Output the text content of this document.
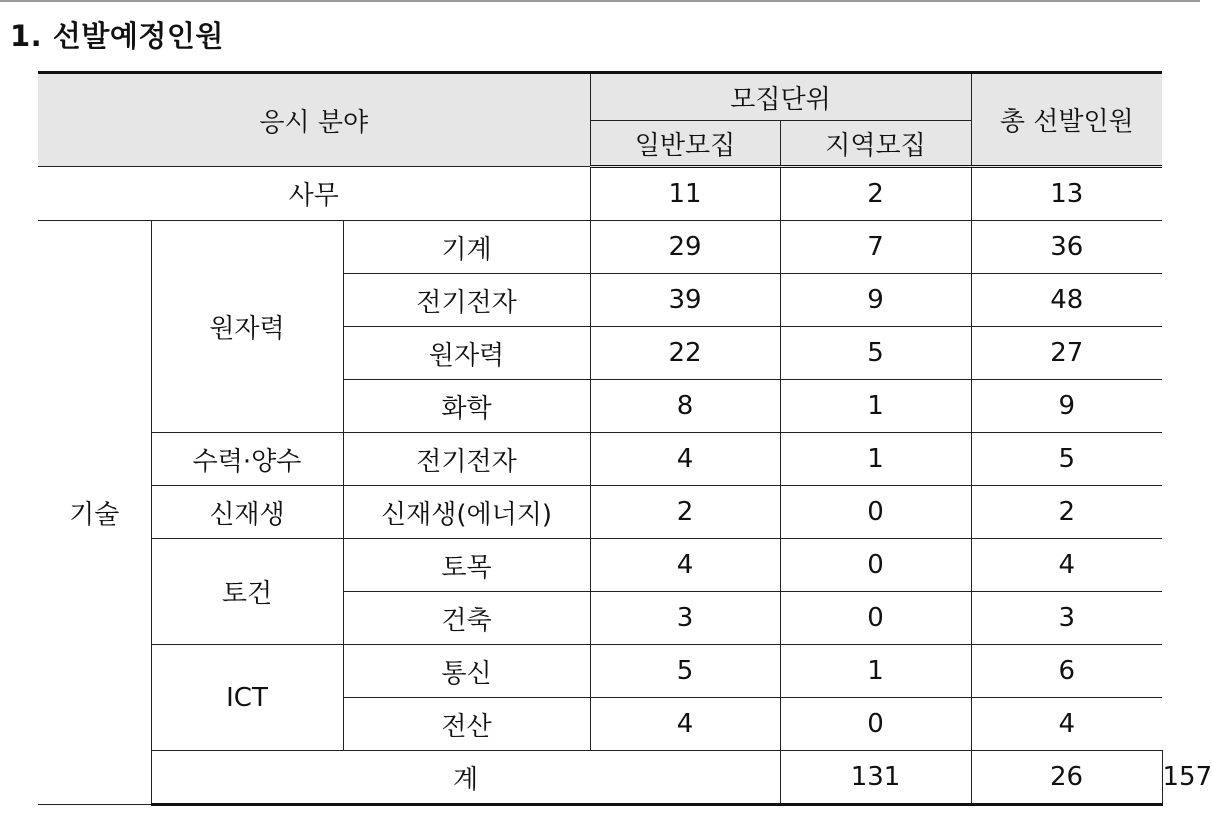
1. 선발예정인원
응시 분야			모집단위		총 선발인원	
			일반모집	지역모집		
사무			11	2	13	
기술	원자력	기계	29	7	36	
		전기전자	39	9	48	
		원자력	22	5	27	
		화학	8	1	9	
	수력·양수	전기전자	4	1	5	
	신재생	신재생(에너지)	2	0	2	
	토건	토목	4	0	4	
		건축	3	0	3	
	ICT	통신	5	1	6	
		전산	4	0	4	
	계			131	26	157
